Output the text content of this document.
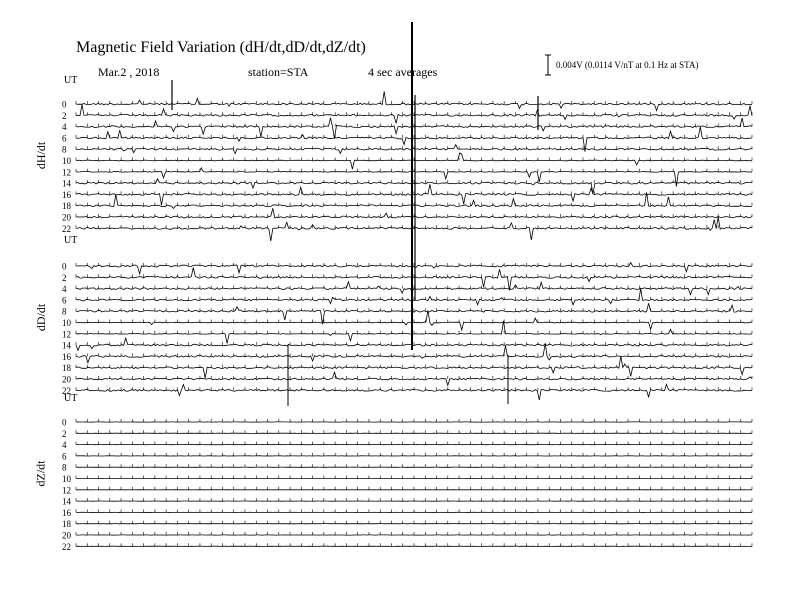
0
2
4
6
8
10
12
14
16
18
20
22
0
2
4
6
8
10
12
14
16
18
20
22
0
2
4
6
8
10
12
14
16
18
20
22
Magnetic Field Variation (dH/dt,dD/dt,dZ/dt)
Mar.2 , 2018	station=STA	4 sec averages	0.004V (0.0114 V/nT at 0.1 Hz at STA)
dH/dt
dD/dt
dZ/dt
UT
UT
UT
